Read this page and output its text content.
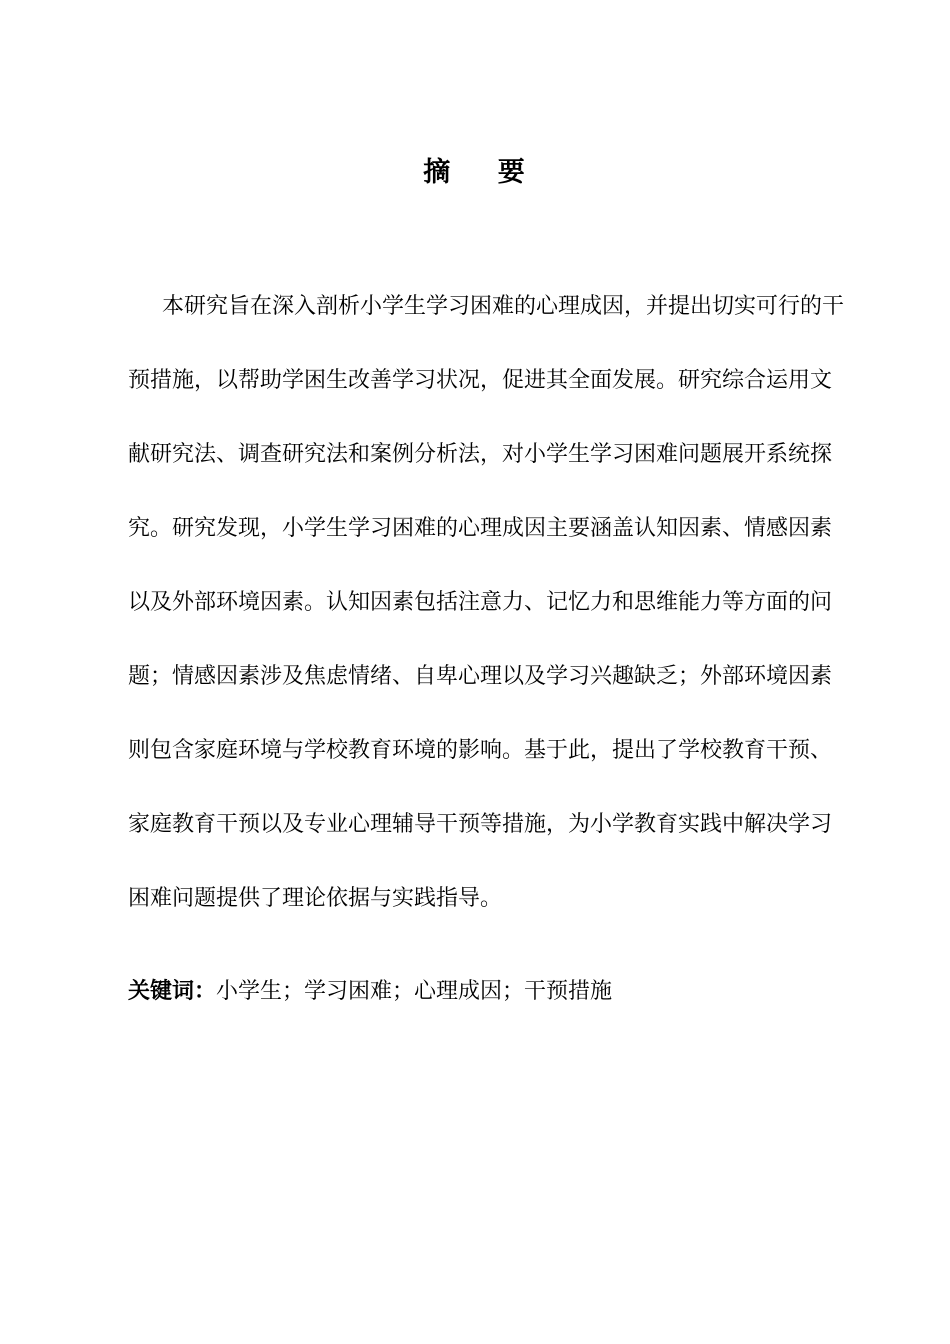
摘    要
本研究旨在深入剖析小学生学习困难的心理成因，并提出切实可行的干
预措施，以帮助学困生改善学习状况，促进其全面发展。研究综合运用文
献研究法、调查研究法和案例分析法，对小学生学习困难问题展开系统探
究。研究发现，小学生学习困难的心理成因主要涵盖认知因素、情感因素
以及外部环境因素。认知因素包括注意力、记忆力和思维能力等方面的问
题；情感因素涉及焦虑情绪、自卑心理以及学习兴趣缺乏；外部环境因素
则包含家庭环境与学校教育环境的影响。基于此，提出了学校教育干预、
家庭教育干预以及专业心理辅导干预等措施，为小学教育实践中解决学习
困难问题提供了理论依据与实践指导。
关键词：小学生；学习困难；心理成因；干预措施
